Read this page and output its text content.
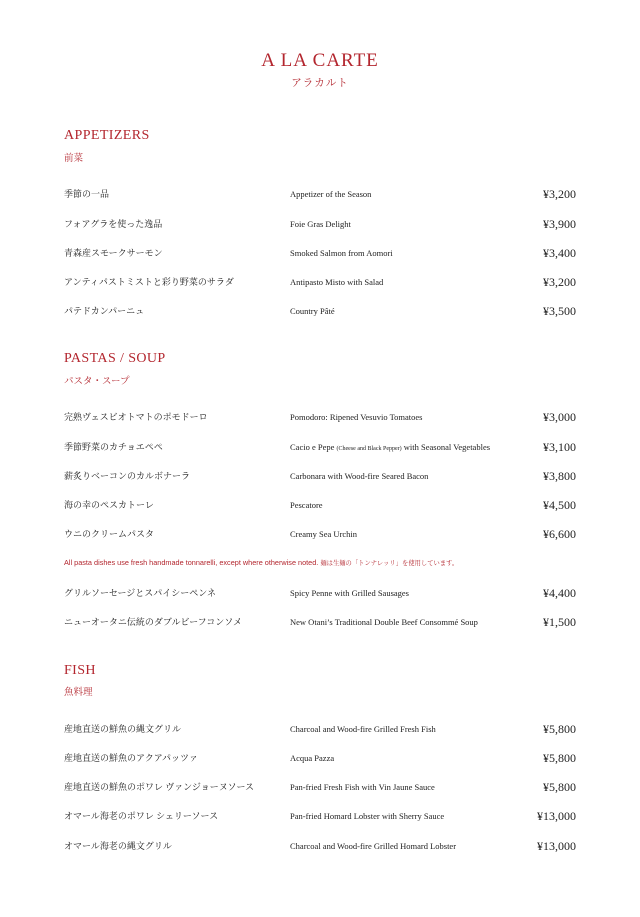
A LA CARTE
アラカルト
APPETIZERS
前菜
季節の一品	Appetizer of the Season	¥3,200
フォアグラを使った逸品	Foie Gras Delight	¥3,900
青森産スモークサーモン	Smoked Salmon from Aomori	¥3,400
アンティパストミストと彩り野菜のサラダ	Antipasto Misto with Salad	¥3,200
パテドカンパーニュ	Country Pâté	¥3,500
PASTAS / SOUP
パスタ・スープ
完熟ヴェスビオトマトのポモドーロ	Pomodoro: Ripened Vesuvio Tomatoes	¥3,000
季節野菜のカチョエペペ	Cacio e Pepe (Cheese and Black Pepper) with Seasonal Vegetables	¥3,100
薪炙りベーコンのカルボナーラ	Carbonara with Wood-fire Seared Bacon	¥3,800
海の幸のペスカトーレ	Pescatore	¥4,500
ウニのクリームパスタ	Creamy Sea Urchin	¥6,600
All pasta dishes use fresh handmade tonnarelli, except where otherwise noted. 麺は生麺の「トンナレッリ」を使用しています。
グリルソーセージとスパイシーペンネ	Spicy Penne with Grilled Sausages	¥4,400
ニューオータニ伝統のダブルビーフコンソメ	New Otani’s Traditional Double Beef Consommé Soup	¥1,500
FISH
魚料理
産地直送の鮮魚の縄文グリル	Charcoal and Wood-fire Grilled Fresh Fish	¥5,800
産地直送の鮮魚のアクアパッツァ	Acqua Pazza	¥5,800
産地直送の鮮魚のポワレ ヴァンジョーヌソース	Pan-fried Fresh Fish with Vin Jaune Sauce	¥5,800
オマール海老のポワレ シェリーソース	Pan-fried Homard Lobster with Sherry Sauce	¥13,000
オマール海老の縄文グリル	Charcoal and Wood-fire Grilled Homard Lobster	¥13,000
